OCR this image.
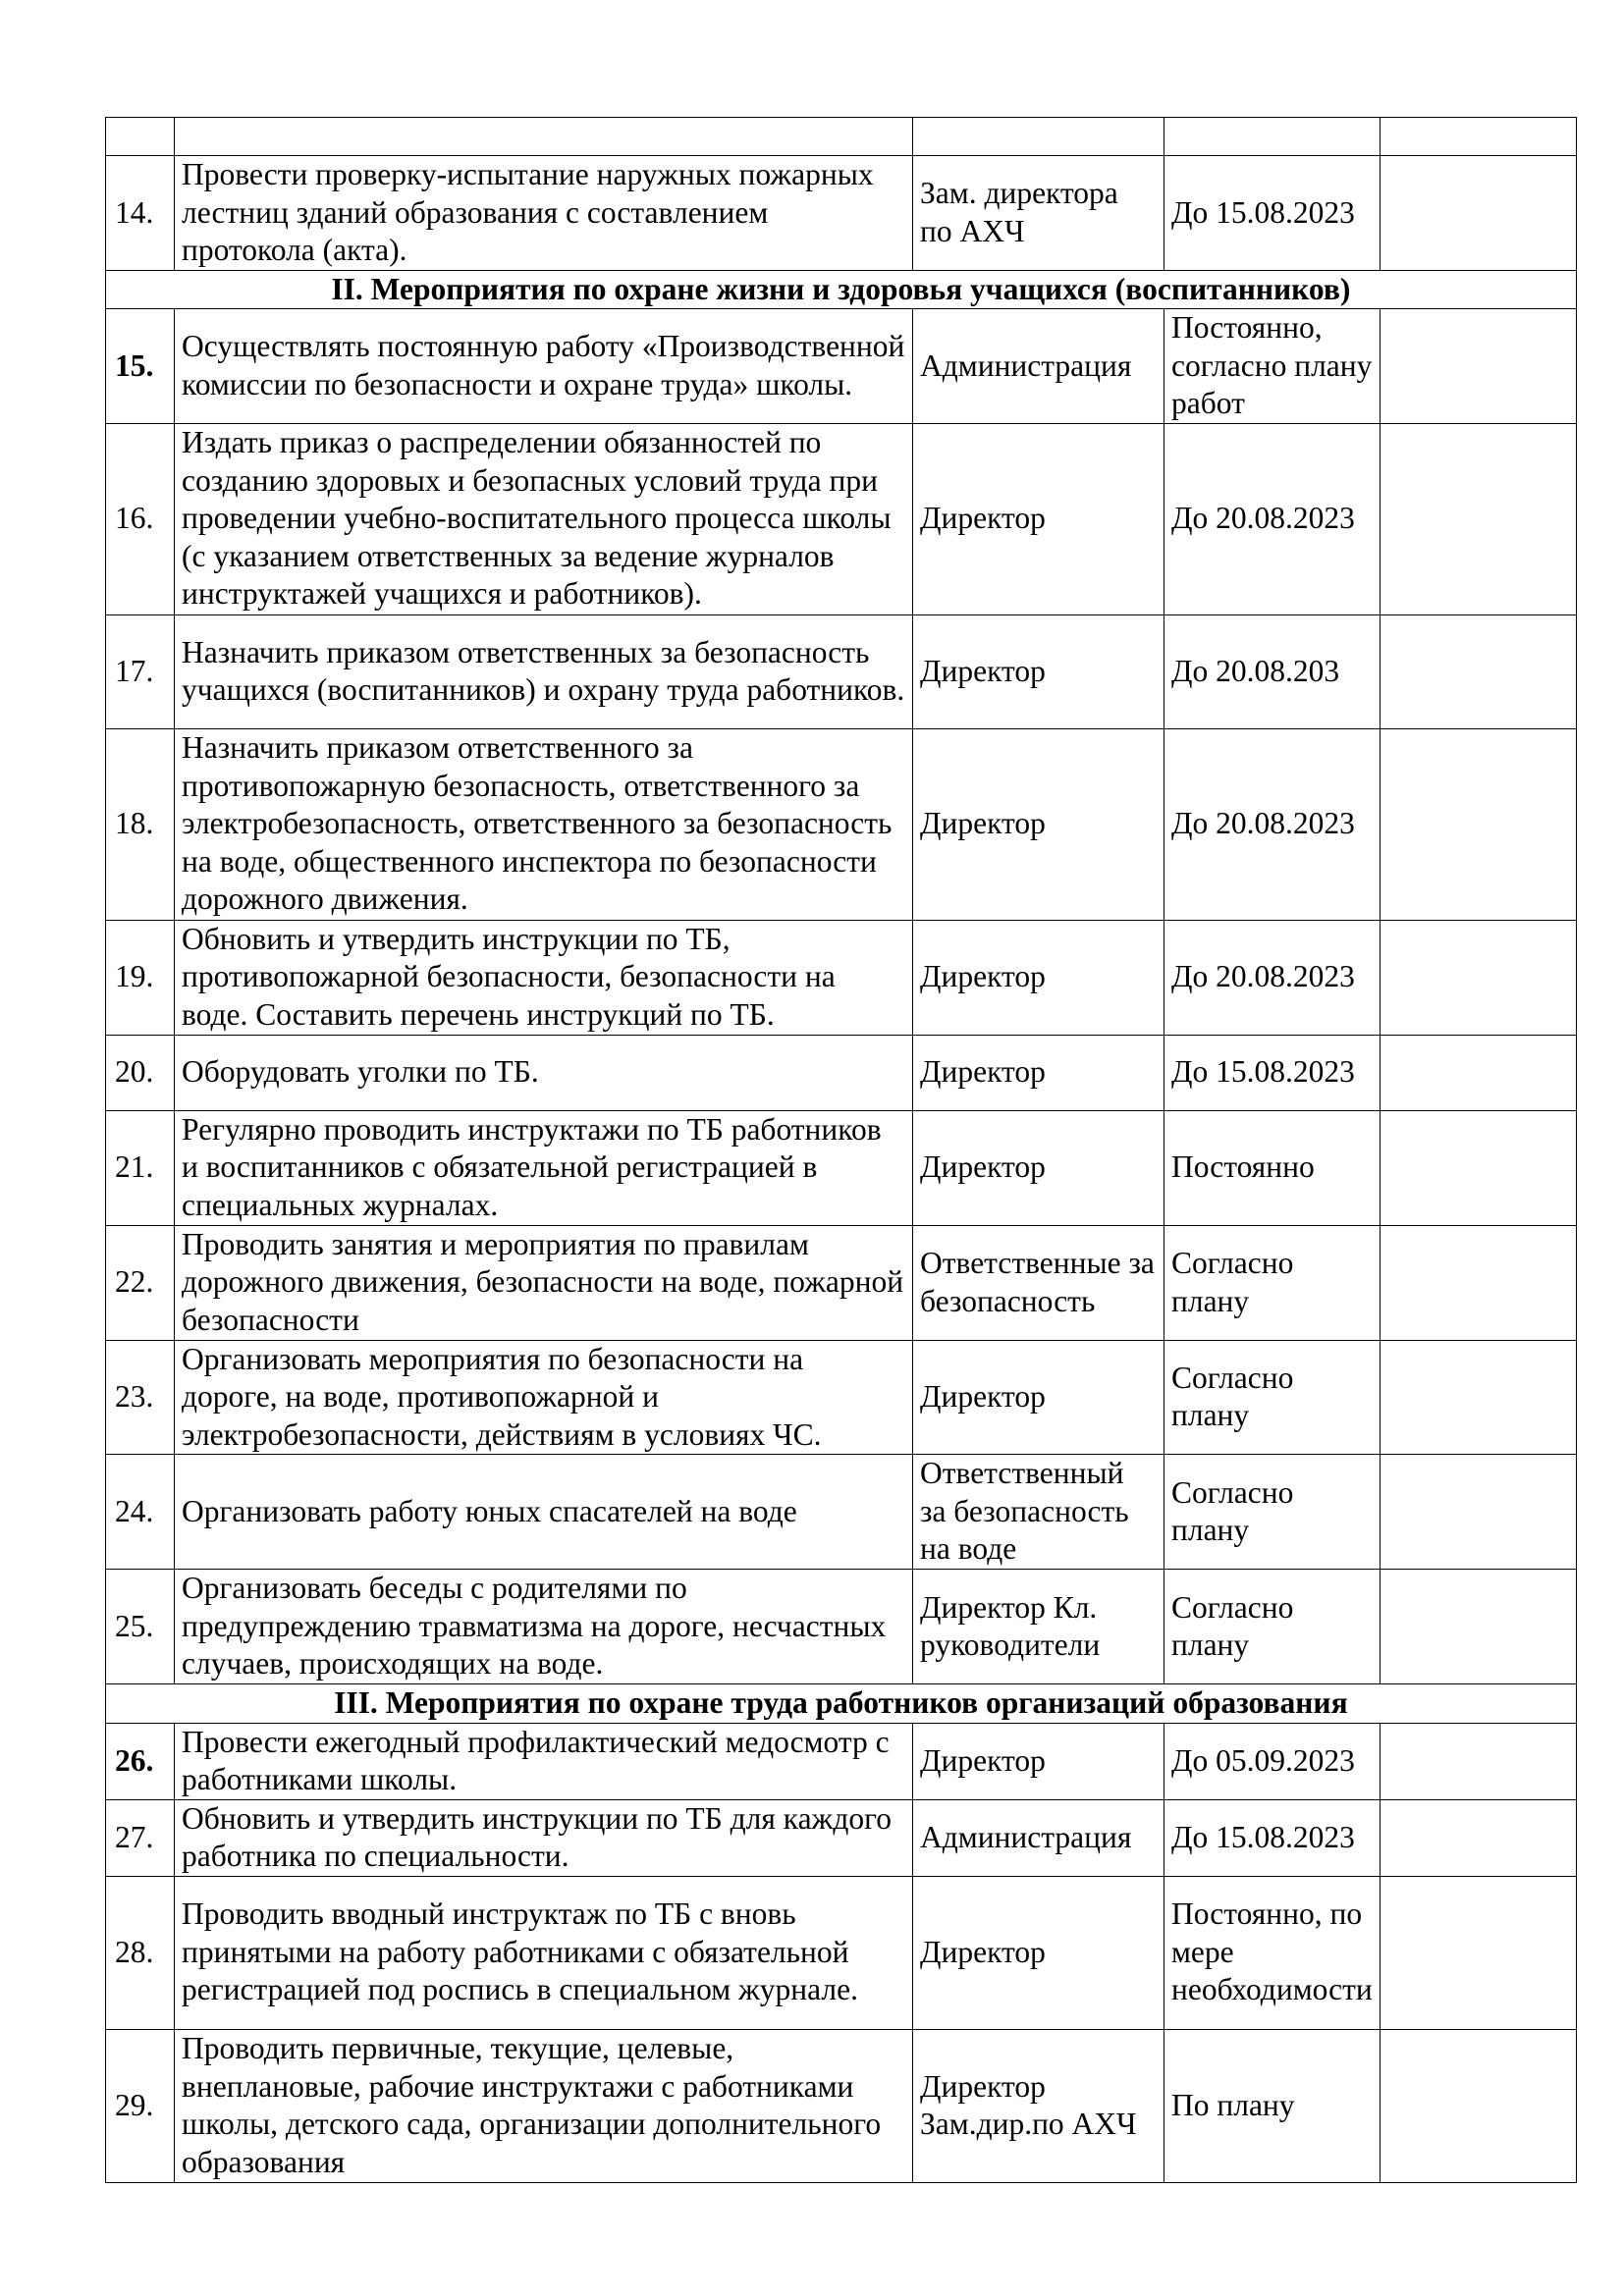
14.	Провести проверку-испытание наружных пожарных лестниц зданий образования с составлением протокола (акта).	Зам. директора по АХЧ	До 15.08.2023	
II. Мероприятия по охране жизни и здоровья учащихся (воспитанников)				
15.	Осуществлять постоянную работу «Производственной комиссии по безопасности и охране труда» школы.	Администрация	Постоянно, согласно плану работ	
16.	Издать приказ о распределении обязанностей по созданию здоровых и безопасных условий труда при проведении учебно-воспитательного процесса школы (с указанием ответственных за ведение журналов инструктажей учащихся и работников).	Директор	До 20.08.2023	
17.	Назначить приказом ответственных за безопасность учащихся (воспитанников) и охрану труда работников.	Директор	До 20.08.203	
18.	Назначить приказом ответственного за противопожарную безопасность, ответственного за электробезопасность, ответственного за безопасность на воде, общественного инспектора по безопасности дорожного движения.	Директор	До 20.08.2023	
19.	Обновить и утвердить инструкции по ТБ, противопожарной безопасности, безопасности на воде. Составить перечень инструкций по ТБ.	Директор	До 20.08.2023	
20.	Оборудовать уголки по ТБ.	Директор	До 15.08.2023	
21.	Регулярно проводить инструктажи по ТБ работников и воспитанников с обязательной регистрацией в специальных журналах.	Директор	Постоянно	
22.	Проводить занятия и мероприятия по правилам дорожного движения, безопасности на воде, пожарной безопасности	Ответственные за безопасность	Согласно плану	
23.	Организовать мероприятия по безопасности на дороге, на воде, противопожарной и электробезопасности, действиям в условиях ЧС.	Директор	Согласно плану	
24.	Организовать работу юных спасателей на воде	Ответственный за безопасность на воде	Согласно плану	
25.	Организовать беседы с родителями по предупреждению травматизма на дороге, несчастных случаев, происходящих на воде.	Директор Кл. руководители	Согласно плану	
III. Мероприятия по охране труда работников организаций образования				
26.	Провести ежегодный профилактический медосмотр с работниками школы.	Директор	До 05.09.2023	
27.	Обновить и утвердить инструкции по ТБ для каждого работника по специальности.	Администрация	До 15.08.2023	
28.	Проводить вводный инструктаж по ТБ с вновь принятыми на работу работниками с обязательной регистрацией под роспись в специальном журнале.	Директор	Постоянно, по мере необходимости	
29.	Проводить первичные, текущие, целевые, внеплановые, рабочие инструктажи с работниками школы, детского сада, организации дополнительного образования	Директор Зам.дир.по АХЧ	По плану	
